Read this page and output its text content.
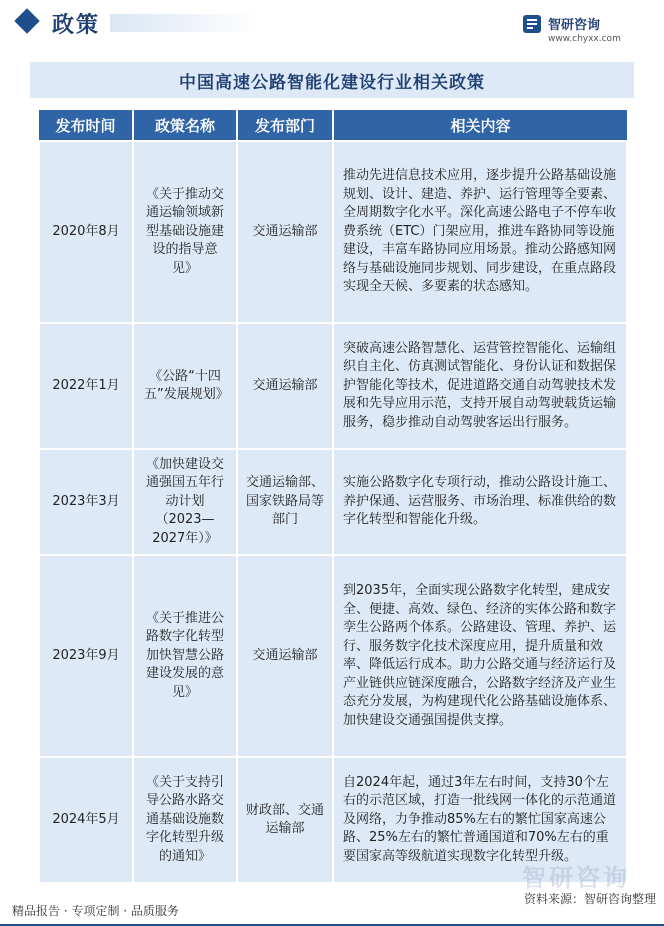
政策	智研咨询
www.chyxx.com
中国高速公路智能化建设行业相关政策
发布时间	政策名称	发布部门	相关内容
2020年8月	《关于推动交通运输领域新型基础设施建设的指导意见》	交通运输部	推动先进信息技术应用，逐步提升公路基础设施规划、设计、建造、养护、运行管理等全要素、全周期数字化水平。深化高速公路电子不停车收费系统（ETC）门架应用，推进车路协同等设施建设，丰富车路协同应用场景。推动公路感知网络与基础设施同步规划、同步建设，在重点路段实现全天候、多要素的状态感知。
2022年1月	《公路“十四五”发展规划》	交通运输部	突破高速公路智慧化、运营管控智能化、运输组织自主化、仿真测试智能化、身份认证和数据保护智能化等技术，促进道路交通自动驾驶技术发展和先导应用示范，支持开展自动驾驶载货运输服务，稳步推动自动驾驶客运出行服务。
2023年3月	《加快建设交通强国五年行动计划（2023—2027年）》	交通运输部、国家铁路局等部门	实施公路数字化专项行动，推动公路设计施工、养护保通、运营服务、市场治理、标准供给的数字化转型和智能化升级。
2023年9月	《关于推进公路数字化转型 加快智慧公路建设发展的意见》	交通运输部	到2035年，全面实现公路数字化转型，建成安全、便捷、高效、绿色、经济的实体公路和数字孪生公路两个体系。公路建设、管理、养护、运行、服务数字化技术深度应用，提升质量和效率、降低运行成本。助力公路交通与经济运行及产业链供应链深度融合，公路数字经济及产业生态充分发展，为构建现代化公路基础设施体系、加快建设交通强国提供支撑。
2024年5月	《关于支持引导公路水路交通基础设施数字化转型升级的通知》	财政部、交通运输部	自2024年起，通过3年左右时间，支持30个左右的示范区域，打造一批线网一体化的示范通道及网络，力争推动85%左右的繁忙国家高速公路、25%左右的繁忙普通国道和70%左右的重要国家高等级航道实现数字化转型升级。
智研咨询
精品报告 · 专项定制 · 品质服务
资料来源：智研咨询整理
